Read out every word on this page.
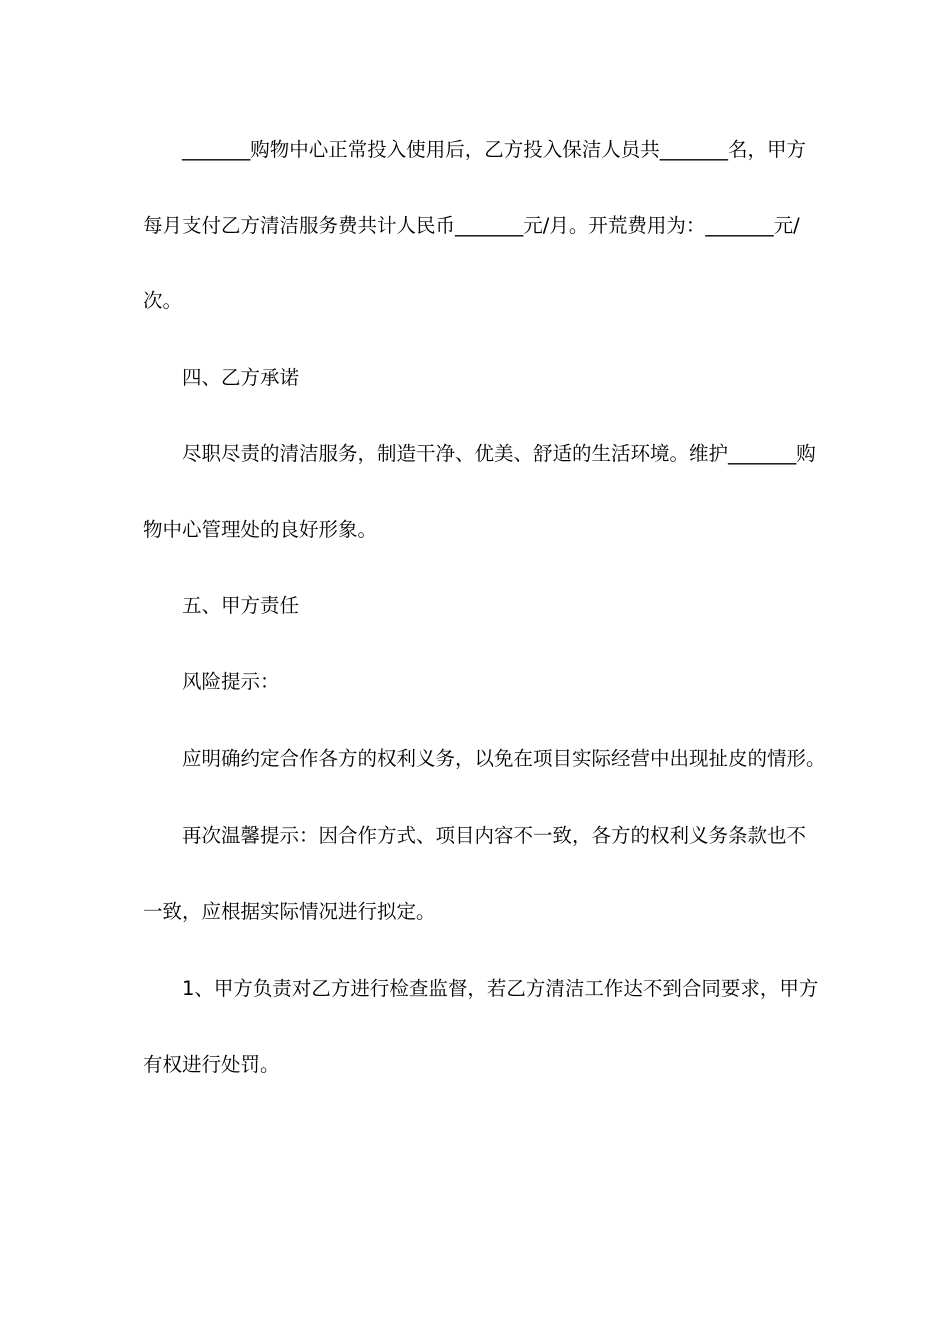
_______购物中心正常投入使用后，乙方投入保洁人员共_______名，甲方

每月支付乙方清洁服务费共计人民币_______元/月。开荒费用为：_______元/

次。

四、乙方承诺

尽职尽责的清洁服务，制造干净、优美、舒适的生活环境。维护_______购

物中心管理处的良好形象。

五、甲方责任

风险提示：

应明确约定合作各方的权利义务，以免在项目实际经营中出现扯皮的情形。

再次温馨提示：因合作方式、项目内容不一致，各方的权利义务条款也不

一致，应根据实际情况进行拟定。

1、甲方负责对乙方进行检查监督，若乙方清洁工作达不到合同要求，甲方

有权进行处罚。
